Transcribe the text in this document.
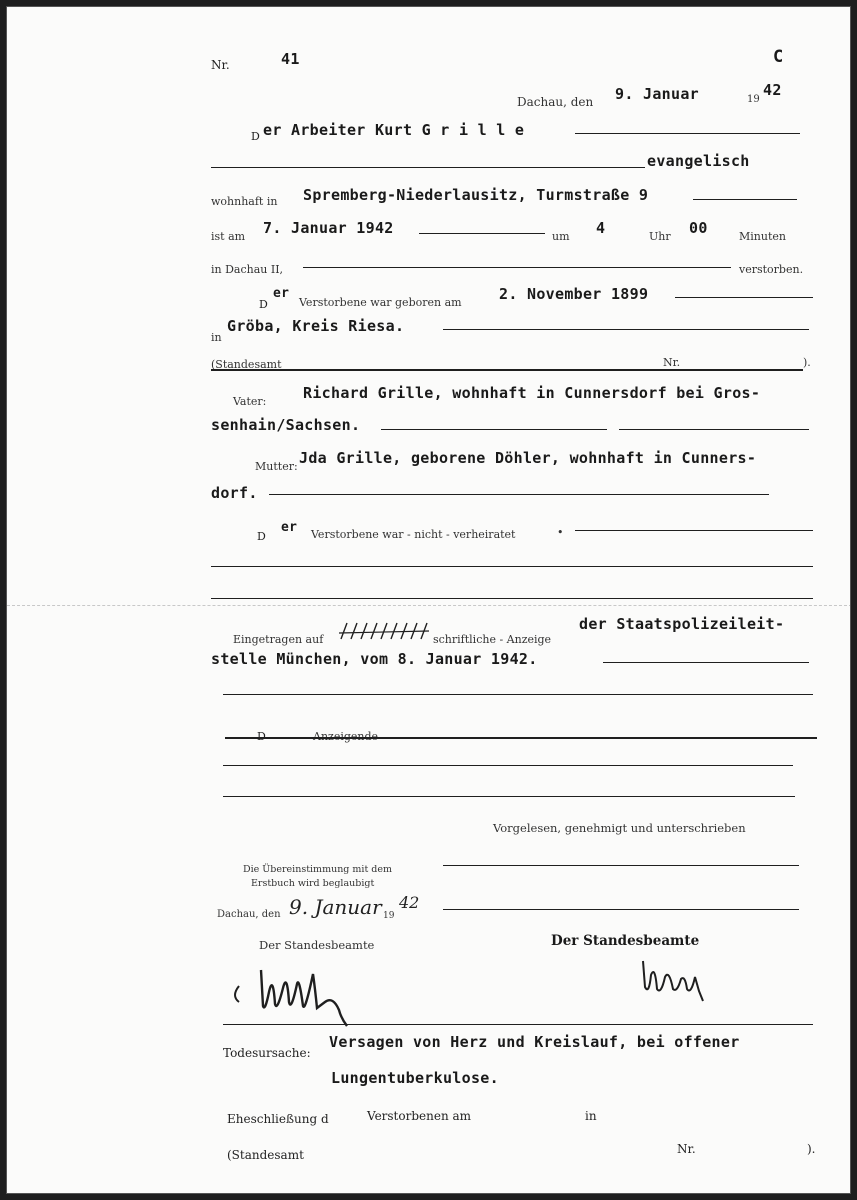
Nr.	41	C
Dachau, den 9. Januar	19
42
D er Arbeiter Kurt G r i l l e
evangelisch
wohnhaft in Spremberg-Niederlausitz, Turmstraße 9
ist am 7. Januar 1942	um 4	Uhr 00	Minuten
in Dachau II,	verstorben.
D
er
Verstorbene war geboren am 2. November 1899
in
Gröba, Kreis Riesa.
(Standesamt	Nr.	).
Vater: Richard Grille, wohnhaft in Cunnersdorf bei Gros-
senhain/Sachsen.
Mutter: Jda Grille, geborene Döhler, wohnhaft in Cunners-
dorf.
D
er Verstorbene war - nicht - verheiratet	•
Eingetragen auf	schriftliche - Anzeige
der Staatspolizeileit-
stelle München, vom 8. Januar 1942.
D	Anzeigende
Vorgelesen, genehmigt und unterschrieben
Die Übereinstimmung mit dem
Erstbuch wird beglaubigt
Dachau, den 9. Januar 19
42
Der Standesbeamte	Der Standesbeamte
Todesursache:
Versagen von Herz und Kreislauf, bei offener
Lungentuberkulose.
Eheschließung d	Verstorbenen am	in
(Standesamt	Nr.	).
